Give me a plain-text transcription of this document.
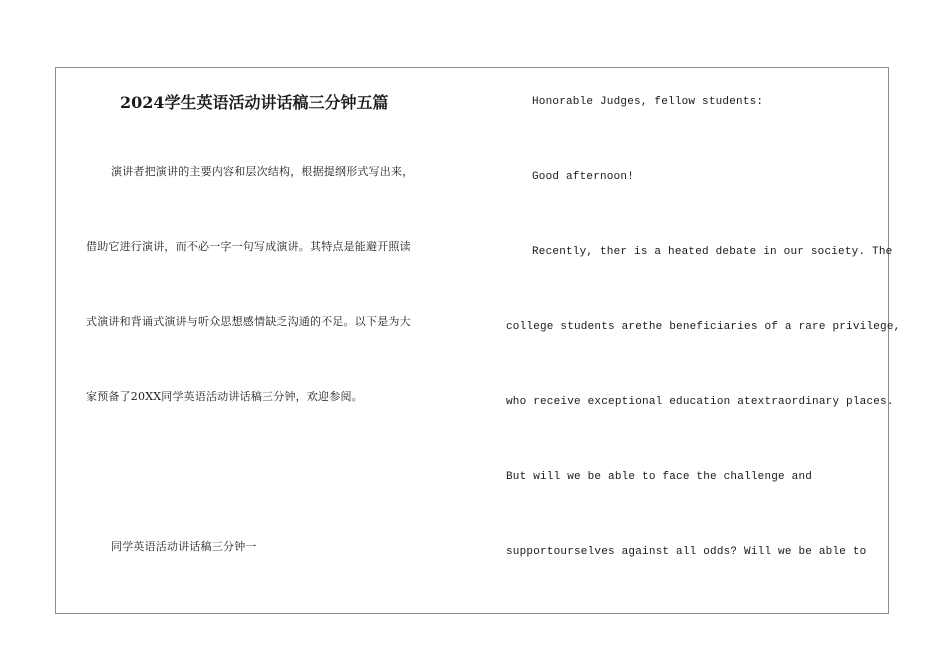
2024学生英语活动讲话稿三分钟五篇
演讲者把演讲的主要内容和层次结构，根据提纲形式写出来，
借助它进行演讲，而不必一字一句写成演讲。其特点是能避开照读
式演讲和背诵式演讲与听众思想感情缺乏沟通的不足。以下是为大
家预备了20XX同学英语活动讲话稿三分钟，欢迎参阅。
同学英语活动讲话稿三分钟一
Honorable Judges, fellow students:
Good afternoon!
Recently, ther is a heated debate in our society. The
college students arethe beneficiaries of a rare privilege,
who receive exceptional education atextraordinary places.
But will we be able to face the challenge and
supportourselves against all odds? Will we be able to
